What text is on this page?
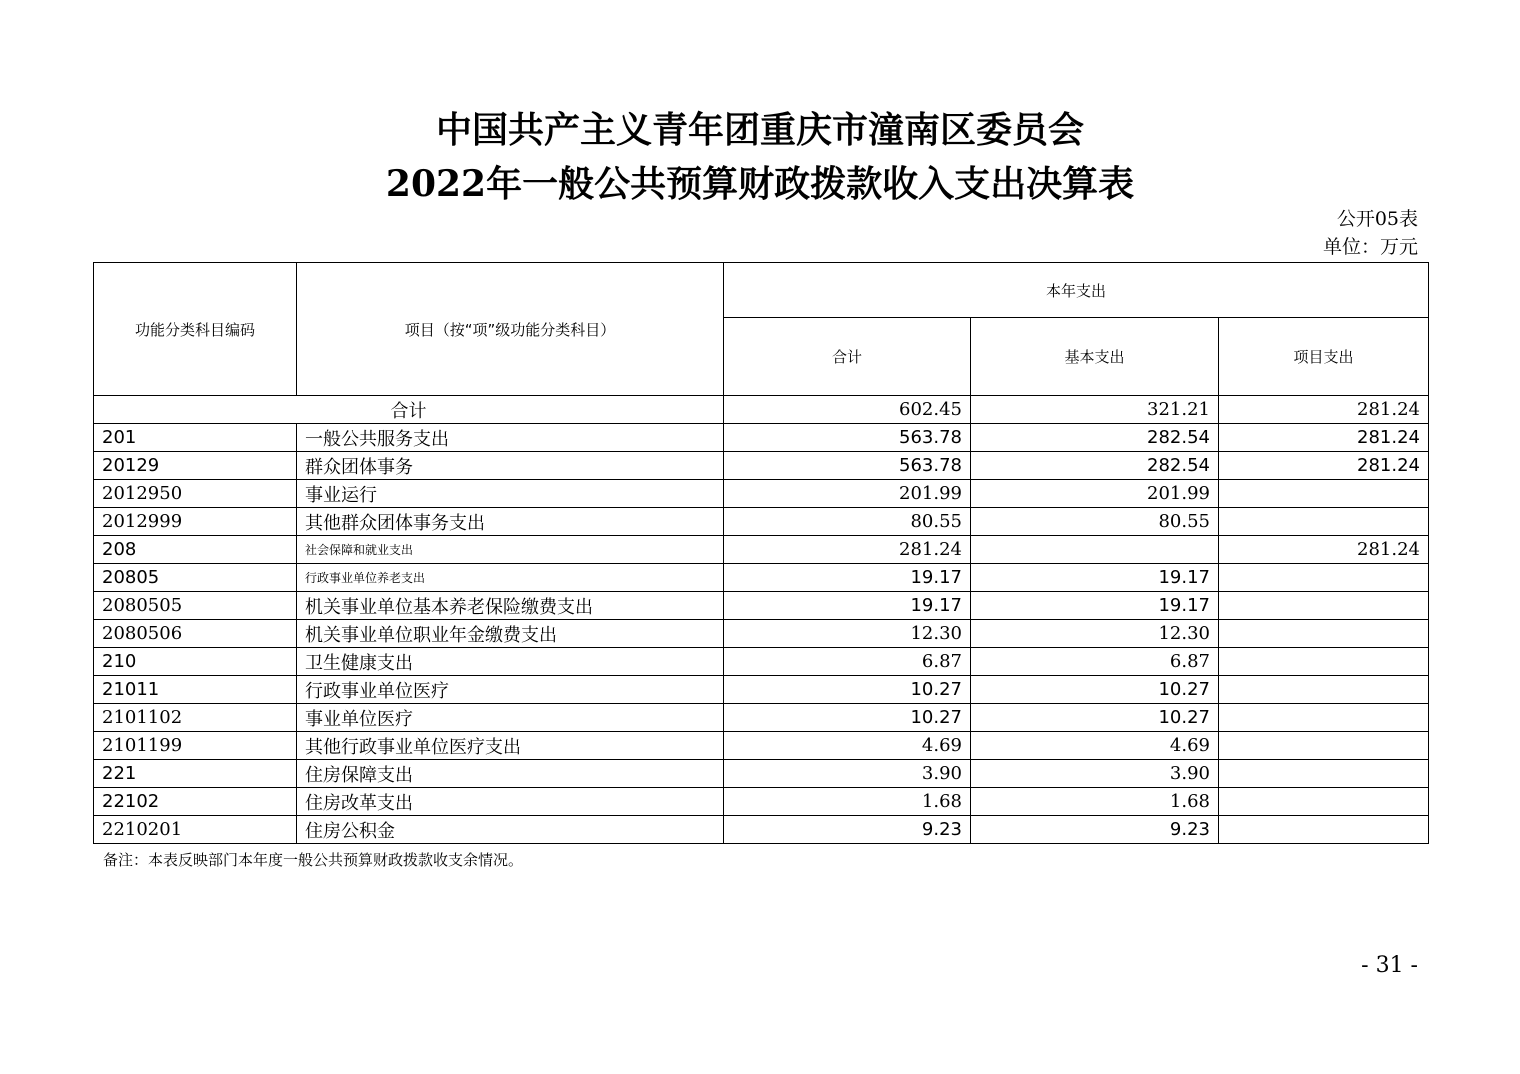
中国共产主义青年团重庆市潼南区委员会
2022年一般公共预算财政拨款收入支出决算表
公开05表
单位：万元
功能分类科目编码	项目（按“项”级功能分类科目）	本年支出		
		合计	基本支出	项目支出
合计		602.45	321.21	281.24
201	一般公共服务支出	563.78	282.54	281.24
20129	群众团体事务	563.78	282.54	281.24
2012950	事业运行	201.99	201.99	
2012999	其他群众团体事务支出	80.55	80.55	
208	社会保障和就业支出	281.24		281.24
20805	行政事业单位养老支出	19.17	19.17	
2080505	机关事业单位基本养老保险缴费支出	19.17	19.17	
2080506	机关事业单位职业年金缴费支出	12.30	12.30	
210	卫生健康支出	6.87	6.87	
21011	行政事业单位医疗	10.27	10.27	
2101102	事业单位医疗	10.27	10.27	
2101199	其他行政事业单位医疗支出	4.69	4.69	
221	住房保障支出	3.90	3.90	
22102	住房改革支出	1.68	1.68	
2210201	住房公积金	9.23	9.23	
备注：本表反映部门本年度一般公共预算财政拨款收支余情况。
- 31 -
